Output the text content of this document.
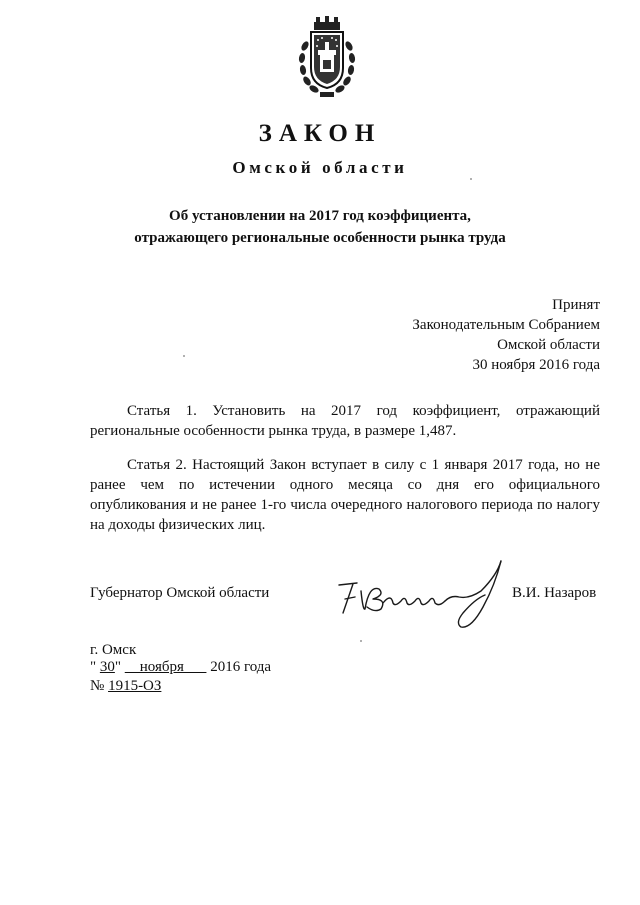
ЗАКОН
Омской области
Об установлении на 2017 год коэффициента,
отражающего региональные особенности рынка труда
Принят
Законодательным Собранием
Омской области
30 ноября 2016 года

Статья 1. Установить на 2017 год коэффициент, отражающий региональные особенности рынка труда, в размере 1,487.

Статья 2. Настоящий Закон вступает в силу с 1 января 2017 года, но не ранее чем по истечении одного месяца со дня его официального опубликования и не ранее 1-го числа очередного налогового периода по налогу на доходы физических лиц.

Губернатор Омской области	В.И. Назаров
г. Омск
" 30"     ноября       2016 года
№ 1915-ОЗ
